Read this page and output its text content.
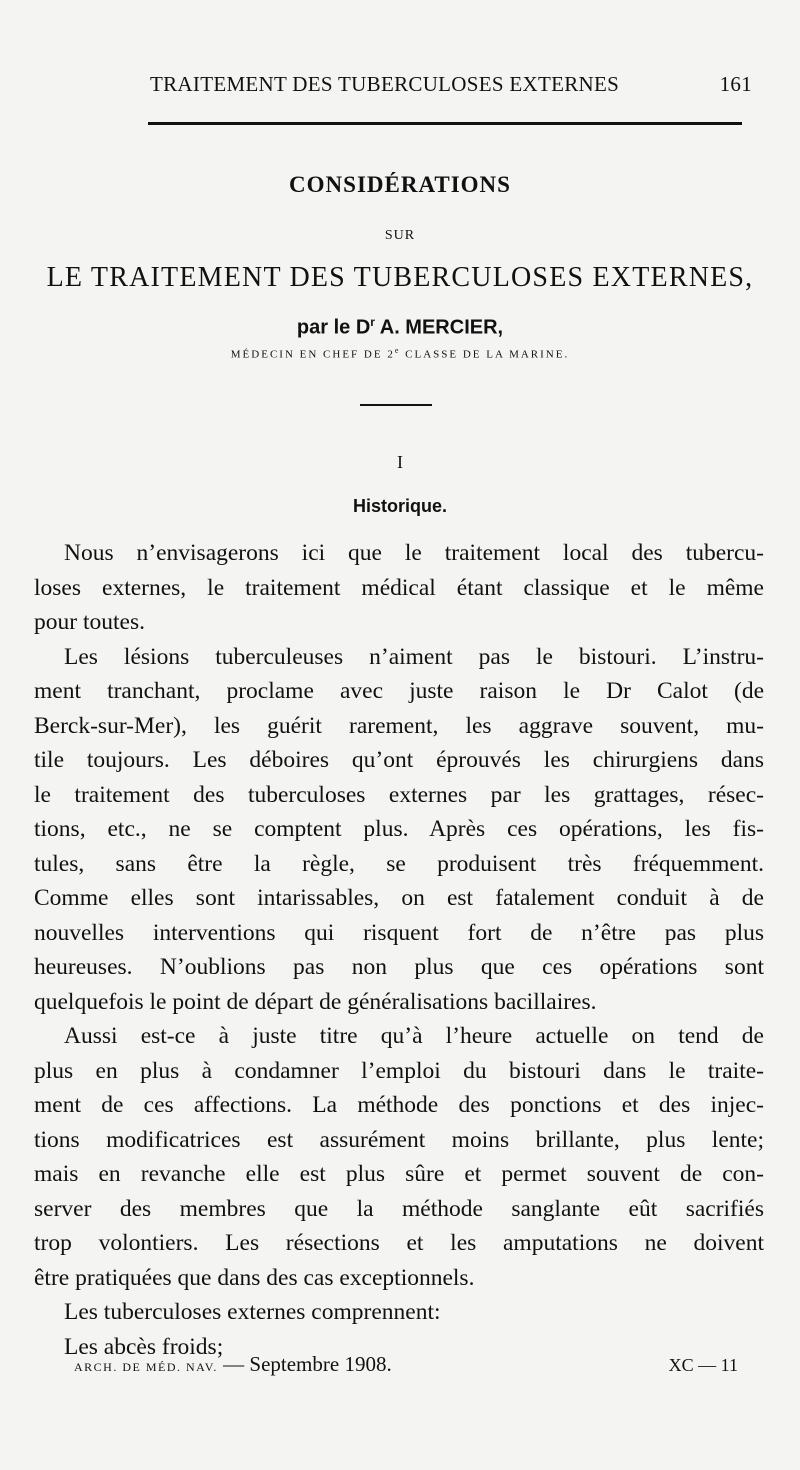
TRAITEMENT DES TUBERCULOSES EXTERNES	161
CONSIDÉRATIONS
SUR
LE TRAITEMENT DES TUBERCULOSES EXTERNES,
par le $D^r$ A. MERCIER,
MÉDECIN EN CHEF DE 2e CLASSE DE LA MARINE.
I
Historique.
Nous n’envisagerons ici que le traitement local des tubercu-
loses externes, le traitement médical étant classique et le même
pour toutes.
Les lésions tuberculeuses n’aiment pas le bistouri. L’instru-
ment tranchant, proclame avec juste raison le Dr Calot (de
Berck-sur-Mer), les guérit rarement, les aggrave souvent, mu-
tile toujours. Les déboires qu’ont éprouvés les chirurgiens dans
le traitement des tuberculoses externes par les grattages, résec-
tions, etc., ne se comptent plus. Après ces opérations, les fis-
tules, sans être la règle, se produisent très fréquemment.
Comme elles sont intarissables, on est fatalement conduit à de
nouvelles interventions qui risquent fort de n’être pas plus
heureuses. N’oublions pas non plus que ces opérations sont
quelquefois le point de départ de généralisations bacillaires.
Aussi est-ce à juste titre qu’à l’heure actuelle on tend de
plus en plus à condamner l’emploi du bistouri dans le traite-
ment de ces affections. La méthode des ponctions et des injec-
tions modificatrices est assurément moins brillante, plus lente;
mais en revanche elle est plus sûre et permet souvent de con-
server des membres que la méthode sanglante eût sacrifiés
trop volontiers. Les résections et les amputations ne doivent
être pratiquées que dans des cas exceptionnels.
Les tuberculoses externes comprennent:
Les abcès froids;
ARCH. DE MÉD. NAV. — Septembre 1908.	XC — 11
